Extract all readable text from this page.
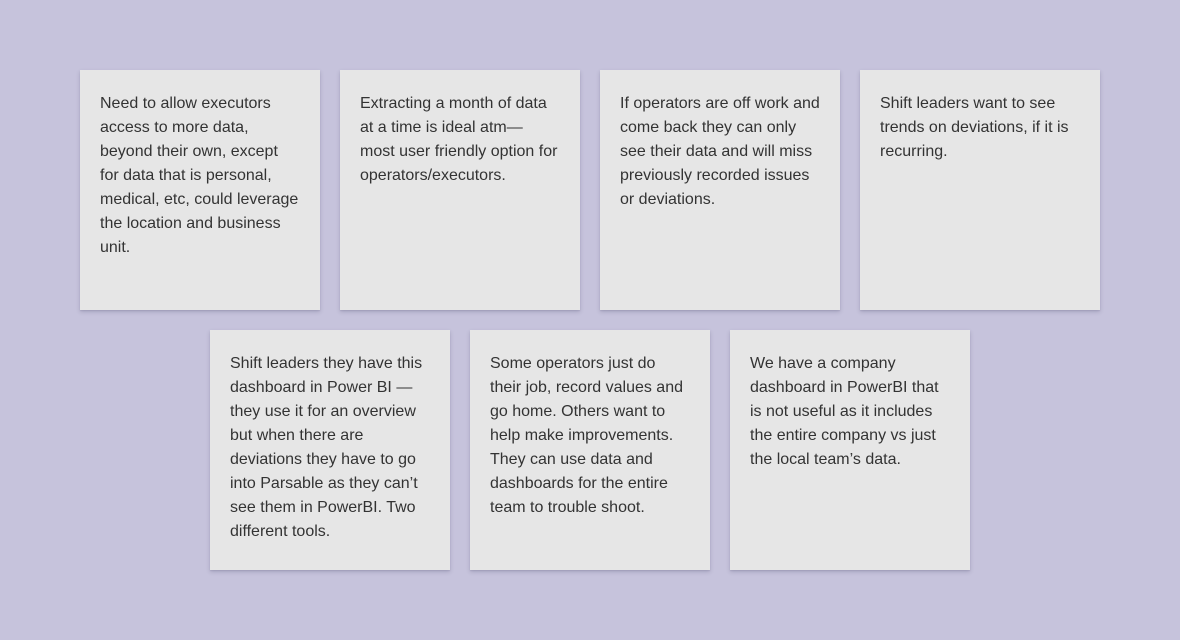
Need to allow executors access to more data, beyond their own, except for data that is personal, medical, etc, could leverage the location and business unit.
Extracting a month of data at a time is ideal atm— most user friendly option for operators/executors.
If operators are off work and come back they can only see their data and will miss previously recorded issues or deviations.
Shift leaders want to see trends on deviations, if it is recurring.
Shift leaders they have this dashboard in Power BI —they use it for an overview but when there are deviations they have to go into Parsable as they can’t see them in PowerBI. Two different tools.
Some operators just do their job, record values and go home. Others want to help make improvements. They can use data and dashboards for the entire team to trouble shoot.
We have a company dashboard in PowerBI that is not useful as it includes the entire company vs just the local team’s data.
